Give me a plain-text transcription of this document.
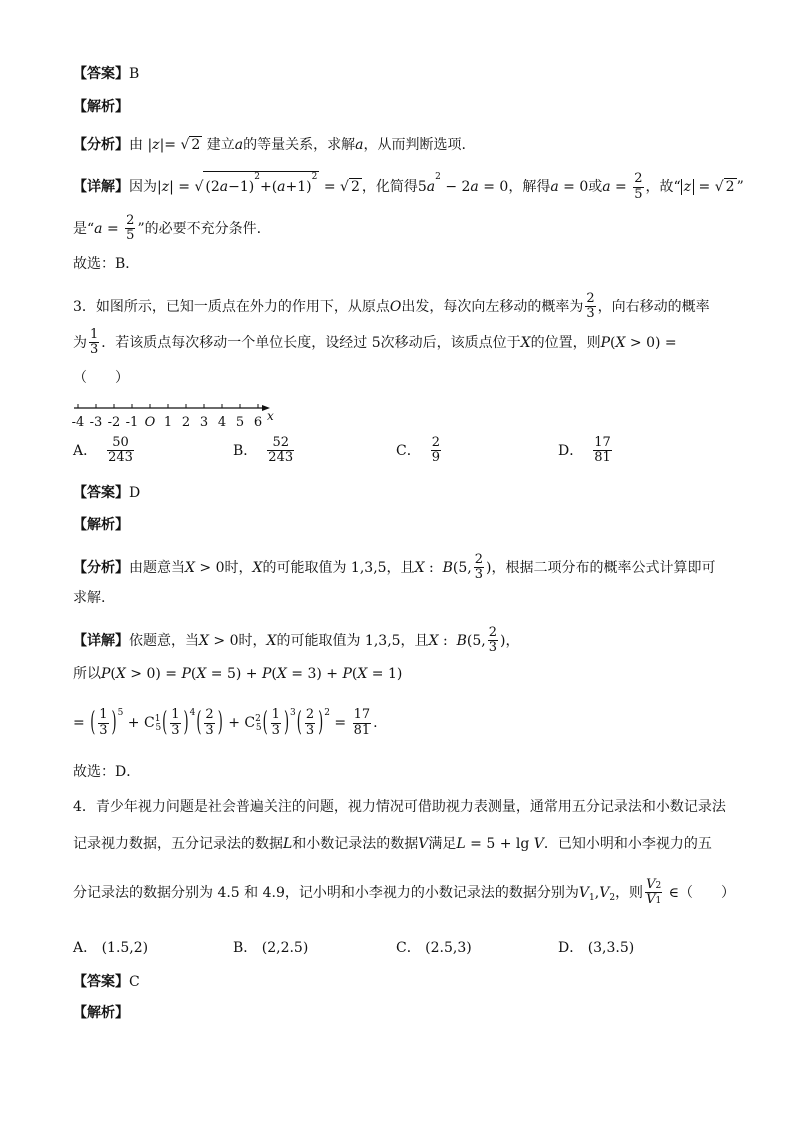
【答案】B
【解析】
【分析】由 |z|= √ 2 建立a的等量关系，求解a，从而判断选项.
【详解】因为|z| = √ $(2a-1)^2+(a+1)^2$
= √ 2 ，化简得$5a^2 - 2a = 0$，解得a = 0或$a = \frac{2}{5}$ ，故“ z = √ 2 ”
是“$a = \frac{2}{5}$ ”的必要不充分条件.
故选：B．
3．如图所示，已知一质点在外力的作用下，从原点O出发，每次向左移动的概率为 $\frac{2}{3}$ ，向右移动的概率
为 $\frac{1}{3}$ ．若该质点每次移动一个单位长度，设经过 5次移动后，该质点位于X的位置，则P(X > 0) =
（　　）
-4 -3 -2 -1 O 1 2 3 4 5 6 x
A． $\frac{50}{243}$	B． $\frac{52}{243}$	C． $\frac{2}{9}$	D． $\frac{17}{81}$
【答案】D
【解析】
【分析】由题意当X > 0时，X的可能取值为 1,3,5，且X :  B(5, $\frac{2}{3}$ )，根据二项分布的概率公式计算即可
求解.
【详解】依题意，当X > 0时，X的可能取值为 1,3,5，且X :  B(5, $\frac{2}{3}$ )，
所以P(X > 0) = P(X = 5) + P(X = 3) + P(X = 1)
= ( $\frac{1}{3} )^5 + C^1_5( \frac{1}{3} )^4( \frac{2}{3}$ ) + $C^2_5( \frac{1}{3} )^3( \frac{2}{3} )^2 = \frac{17}{81}$ .
故选：D．
4．青少年视力问题是社会普遍关注的问题，视力情况可借助视力表测量，通常用五分记录法和小数记录法
记录视力数据，五分记录法的数据L和小数记录法的数据V满足L = 5 + lg V．已知小明和小李视力的五
分记录法的数据分别为 4.5 和 4.9，记小明和小李视力的小数记录法的数据分别为$V_1,V_2$，则 $\frac{V2}{V1}$ ∈（　　）
A． (1.5,2)	B． (2,2.5)	C． (2.5,3)	D． (3,3.5)
【答案】C
【解析】
